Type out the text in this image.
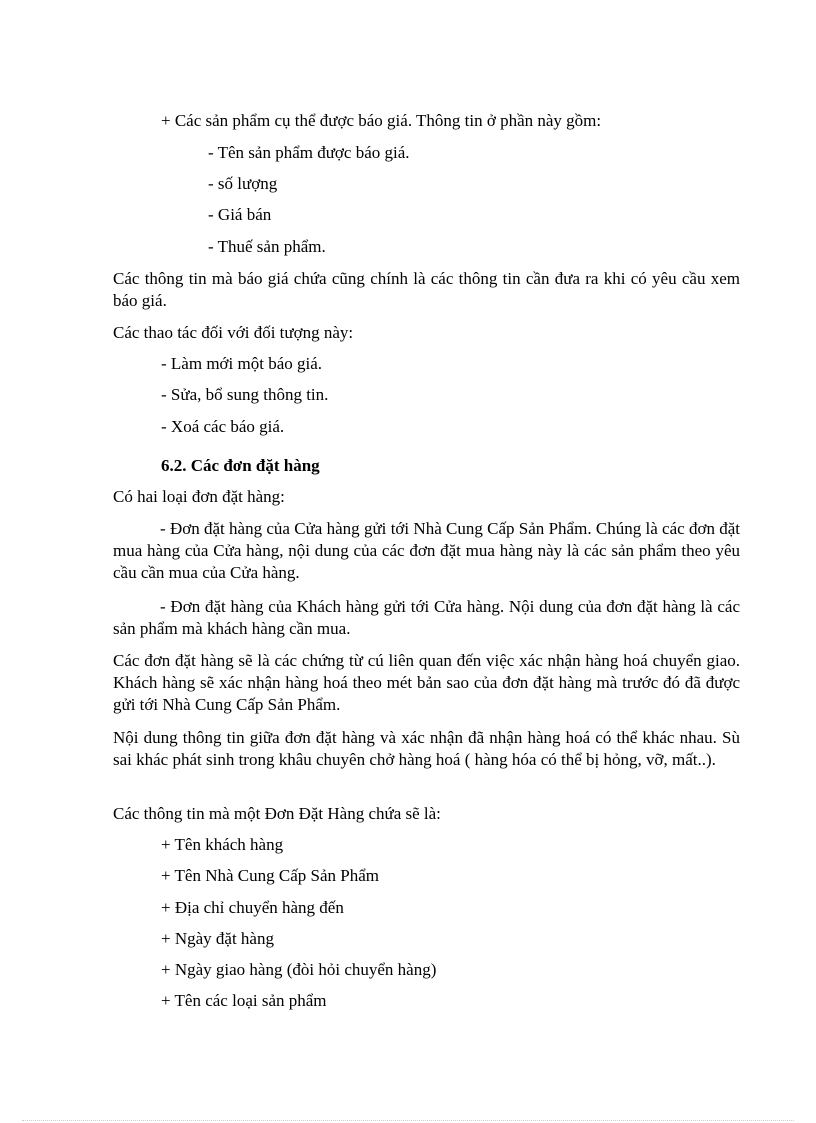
+ Các sản phẩm cụ thể được báo giá. Thông tin ở phần này gồm:
- Tên sản phẩm được báo giá.
- số lượng
- Giá bán
- Thuế sản phẩm.
Các thông tin mà báo giá chứa cũng chính là các thông tin cần đưa ra khi có yêu cầu xem báo giá.
Các thao tác đối với đối tượng này:
- Làm mới một báo giá.
- Sửa, bổ sung thông tin.
- Xoá các báo giá.
6.2. Các đơn đặt hàng
Có hai loại đơn đặt hàng:
- Đơn đặt hàng của Cửa hàng gửi tới Nhà Cung Cấp Sản Phẩm. Chúng là các đơn đặt mua hàng của Cửa hàng, nội dung của các đơn đặt mua hàng này là các sản phẩm theo yêu cầu cần mua của Cửa hàng.
- Đơn đặt hàng của Khách hàng gửi tới Cửa hàng. Nội dung của đơn đặt hàng là các sản phẩm mà khách hàng cần mua.
Các đơn đặt hàng sẽ là các chứng từ cú liên quan đến việc xác nhận hàng hoá chuyển giao. Khách hàng sẽ xác nhận hàng hoá theo mét bản sao của đơn đặt hàng mà trước đó đã được gửi tới Nhà Cung Cấp Sản Phẩm.
Nội dung thông tin giữa đơn đặt hàng và xác nhận đã nhận hàng hoá có thể khác nhau. Sù sai khác phát sinh trong khâu chuyên chở hàng hoá ( hàng hóa có thể bị hỏng, vỡ, mất..).
Các thông tin mà một Đơn Đặt Hàng chứa sẽ là:
+ Tên khách hàng
+ Tên Nhà Cung Cấp Sản Phẩm
+ Địa chỉ chuyển hàng đến
+ Ngày đặt hàng
+ Ngày giao hàng (đòi hỏi chuyển hàng)
+ Tên các loại sản phẩm
